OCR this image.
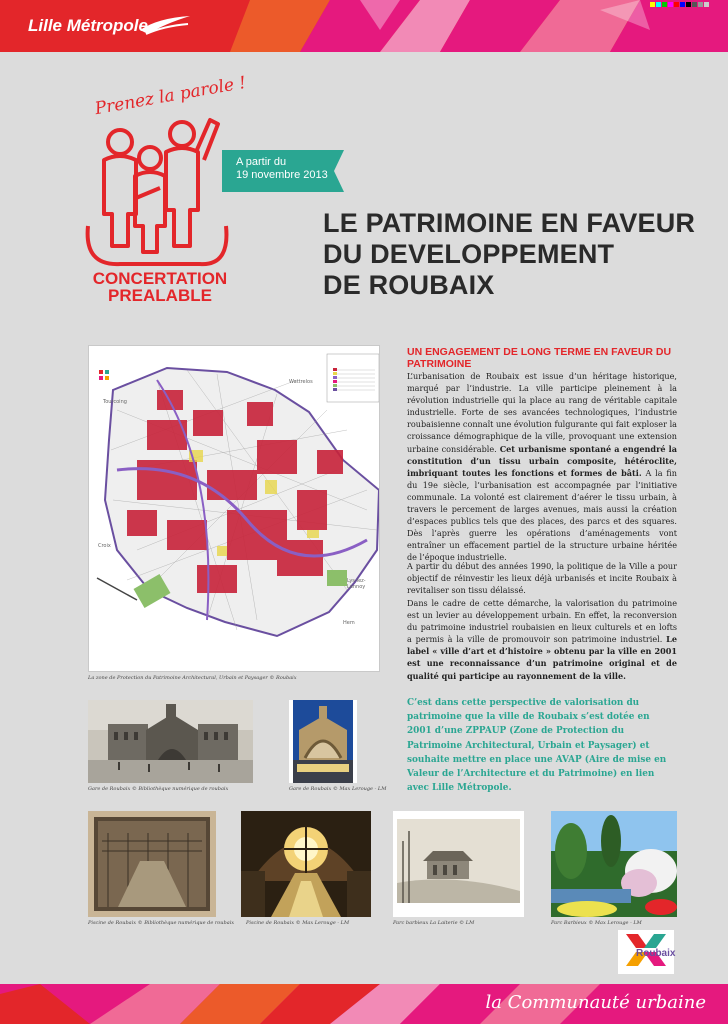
Lille Métropole
Prenez la parole !
CONCERTATION
PREALABLE
A partir du
19 novembre 2013
LE PATRIMOINE EN FAVEUR
DU DEVELOPPEMENT
DE ROUBAIX
Tourcoing
Wattrelos
Croix
Lys-lez-Lannoy
Hem
La zone de Protection du Patrimoine Architectural, Urbain et Paysager © Roubaix
UN ENGAGEMENT DE LONG TERME EN FAVEUR DU PATRIMOINE

L’urbanisation de Roubaix est issue d’un héritage historique, marqué par l’industrie. La ville participe pleinement à la révolution industrielle qui la place au rang de véritable capitale industrielle. Forte de ses avancées technologiques, l’industrie roubaisienne connaît une évolution fulgurante qui fait exploser la croissance démographique de la ville, provoquant une extension urbaine considérable. Cet urbanisme spontané a engendré la constitution d’un tissu urbain composite, hétéroclite, imbriquant toutes les fonctions et formes de bâti. A la fin du 19e siècle, l’urbanisation est accompagnée par l’initiative communale. La volonté est clairement d’aérer le tissu urbain, à travers le percement de larges avenues, mais aussi la création d’espaces publics tels que des places, des parcs et des squares. Dès l’après guerre les opérations d’aménagements vont entraîner un effacement partiel de la structure urbaine héritée de l’époque industrielle.

A partir du début des années 1990, la politique de la Ville a pour objectif de réinvestir les lieux déjà urbanisés et incite Roubaix à revitaliser son tissu délaissé.

Dans le cadre de cette démarche, la valorisation du patrimoine est un levier au développement urbain. En effet, la reconversion du patrimoine industriel roubaisien en lieux culturels et en lofts a permis à la ville de promouvoir son patrimoine industriel. Le label « ville d’art et d’histoire » obtenu par la ville en 2001 est une reconnaissance d’un patrimoine original et de qualité qui participe au rayonnement de la ville.

C’est dans cette perspective de valorisation du patrimoine que la ville de Roubaix s’est dotée en 2001 d’une ZPPAUP (Zone de Protection du Patrimoine Architectural, Urbain et Paysager) et souhaite mettre en place une AVAP (Aire de mise en Valeur de l’Architecture et du Patrimoine) en lien avec Lille Métropole.
Gare de Roubaix © Bibliothèque numérique de roubaix	Gare de Roubaix © Max Lerouge - LM
Piscine de Roubaix © Bibliothèque numérique de roubaix Piscine de Roubaix © Max Lerouge - LM	Parc barbieux La Laiterie © LM	Parc Barbieux © Max Lerouge - LM
Roubaix
la Communauté urbaine
